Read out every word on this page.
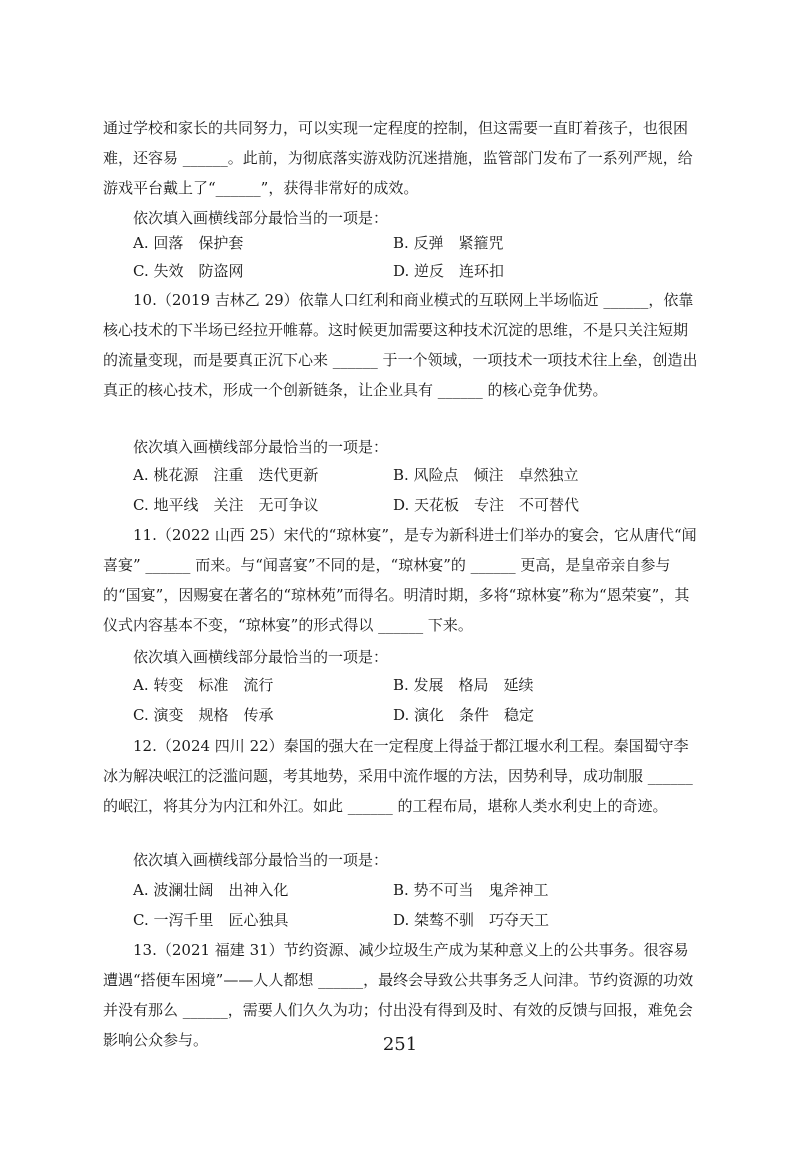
通过学校和家长的共同努力，可以实现一定程度的控制，但这需要一直盯着孩子，也很困难，还容易 ______。此前，为彻底落实游戏防沉迷措施，监管部门发布了一系列严规，给游戏平台戴上了“______”，获得非常好的成效。

依次填入画横线部分最恰当的一项是：

A. 回落　保护套	B. 反弹　紧箍咒
C. 失效　防盗网	D. 逆反　连环扣

10.（2019 吉林乙 29）依靠人口红利和商业模式的互联网上半场临近 ______，依靠核心技术的下半场已经拉开帷幕。这时候更加需要这种技术沉淀的思维，不是只关注短期的流量变现，而是要真正沉下心来 ______ 于一个领域，一项技术一项技术往上垒，创造出真正的核心技术，形成一个创新链条，让企业具有 ______ 的核心竞争优势。

依次填入画横线部分最恰当的一项是：

A. 桃花源　注重　迭代更新	B. 风险点　倾注　卓然独立
C. 地平线　关注　无可争议	D. 天花板　专注　不可替代

11.（2022 山西 25）宋代的“琼林宴”，是专为新科进士们举办的宴会，它从唐代“闻喜宴” ______ 而来。与“闻喜宴”不同的是，“琼林宴”的 ______ 更高，是皇帝亲自参与的“国宴”，因赐宴在著名的“琼林苑”而得名。明清时期，多将“琼林宴”称为“恩荣宴”，其仪式内容基本不变，“琼林宴”的形式得以 ______ 下来。

依次填入画横线部分最恰当的一项是：

A. 转变　标准　流行	B. 发展　格局　延续
C. 演变　规格　传承	D. 演化　条件　稳定

12.（2024 四川 22）秦国的强大在一定程度上得益于都江堰水利工程。秦国蜀守李冰为解决岷江的泛滥问题，考其地势，采用中流作堰的方法，因势利导，成功制服 ______ 的岷江，将其分为内江和外江。如此 ______ 的工程布局，堪称人类水利史上的奇迹。

依次填入画横线部分最恰当的一项是：

A. 波澜壮阔　出神入化	B. 势不可当　鬼斧神工
C. 一泻千里　匠心独具	D. 桀骜不驯　巧夺天工

13.（2021 福建 31）节约资源、减少垃圾生产成为某种意义上的公共事务。很容易遭遇“搭便车困境”——人人都想 ______，最终会导致公共事务乏人问津。节约资源的功效并没有那么 ______，需要人们久久为功；付出没有得到及时、有效的反馈与回报，难免会影响公众参与。	251
